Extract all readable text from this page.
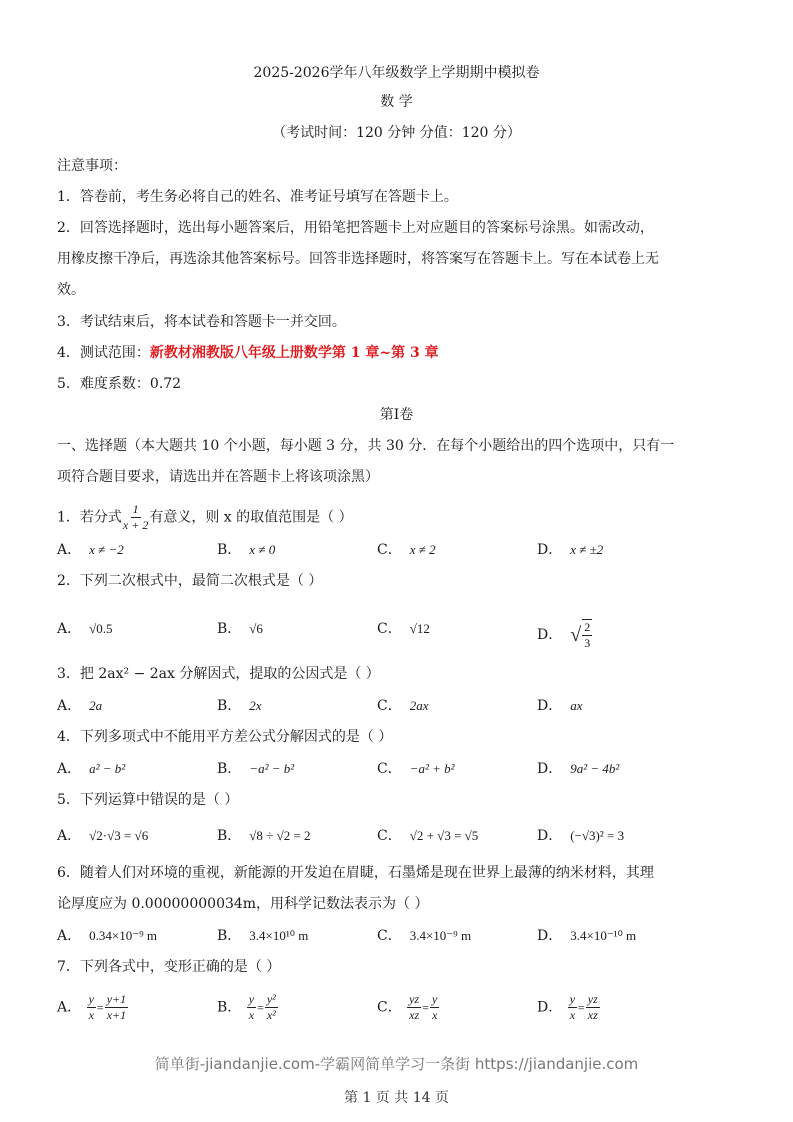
2025-2026学年八年级数学上学期期中模拟卷
数 学
（考试时间：120 分钟 分值：120 分）
注意事项：
1．答卷前，考生务必将自己的姓名、准考证号填写在答题卡上。
2．回答选择题时，选出每小题答案后，用铅笔把答题卡上对应题目的答案标号涂黑。如需改动，
用橡皮擦干净后，再选涂其他答案标号。回答非选择题时，将答案写在答题卡上。写在本试卷上无
效。
3．考试结束后，将本试卷和答题卡一并交回。
4．测试范围：新教材湘教版八年级上册数学第 1 章~第 3 章
5．难度系数：0.72
第Ⅰ卷
一、选择题（本大题共 10 个小题，每小题 3 分，共 30 分．在每个小题给出的四个选项中，只有一
项符合题目要求，请选出并在答题卡上将该项涂黑）
1．若分式 $\frac{1}{x + 2}$ 有意义，则 x 的取值范围是（ ）
A． x ≠ −2	B． x ≠ 0	C． x ≠ 2	D． x ≠ ±2
2．下列二次根式中，最简二次根式是（ ）
A． √0.5	B． √6	C． √12	D． √ $\frac{2}{3}$
3．把 2ax² − 2ax 分解因式，提取的公因式是（ ）
A． 2a	B． 2x	C． 2ax	D． ax
4．下列多项式中不能用平方差公式分解因式的是（ ）
A． a² − b²	B． −a² − b²	C． −a² + b²	D． 9a² − 4b²
5．下列运算中错误的是（ ）
A． √2·√3 = √6	B． √8 ÷ √2 = 2	C． √2 + √3 = √5	D． (−√3)² = 3
6．随着人们对环境的重视，新能源的开发迫在眉睫，石墨烯是现在世界上最薄的纳米材料，其理
论厚度应为 0.00000000034m，用科学记数法表示为（ ）
A． 0.34×10⁻⁹ m	B． 3.4×10¹⁰ m	C． 3.4×10⁻⁹ m	D． 3.4×10⁻¹⁰ m
7．下列各式中，变形正确的是（ ）
A． $\frac{y}{x} = \frac{y+1}{x+1}$	B． $\frac{y}{x} = \frac{\text{y²}}{\text{x²}}$	C． $\frac{yz}{xz} = \frac{y}{x}$	D． $\frac{y}{x} = \frac{yz}{xz}$
简单街-jiandanjie.com-学霸网简单学习一条街 https://jiandanjie.com
第 1 页 共 14 页
